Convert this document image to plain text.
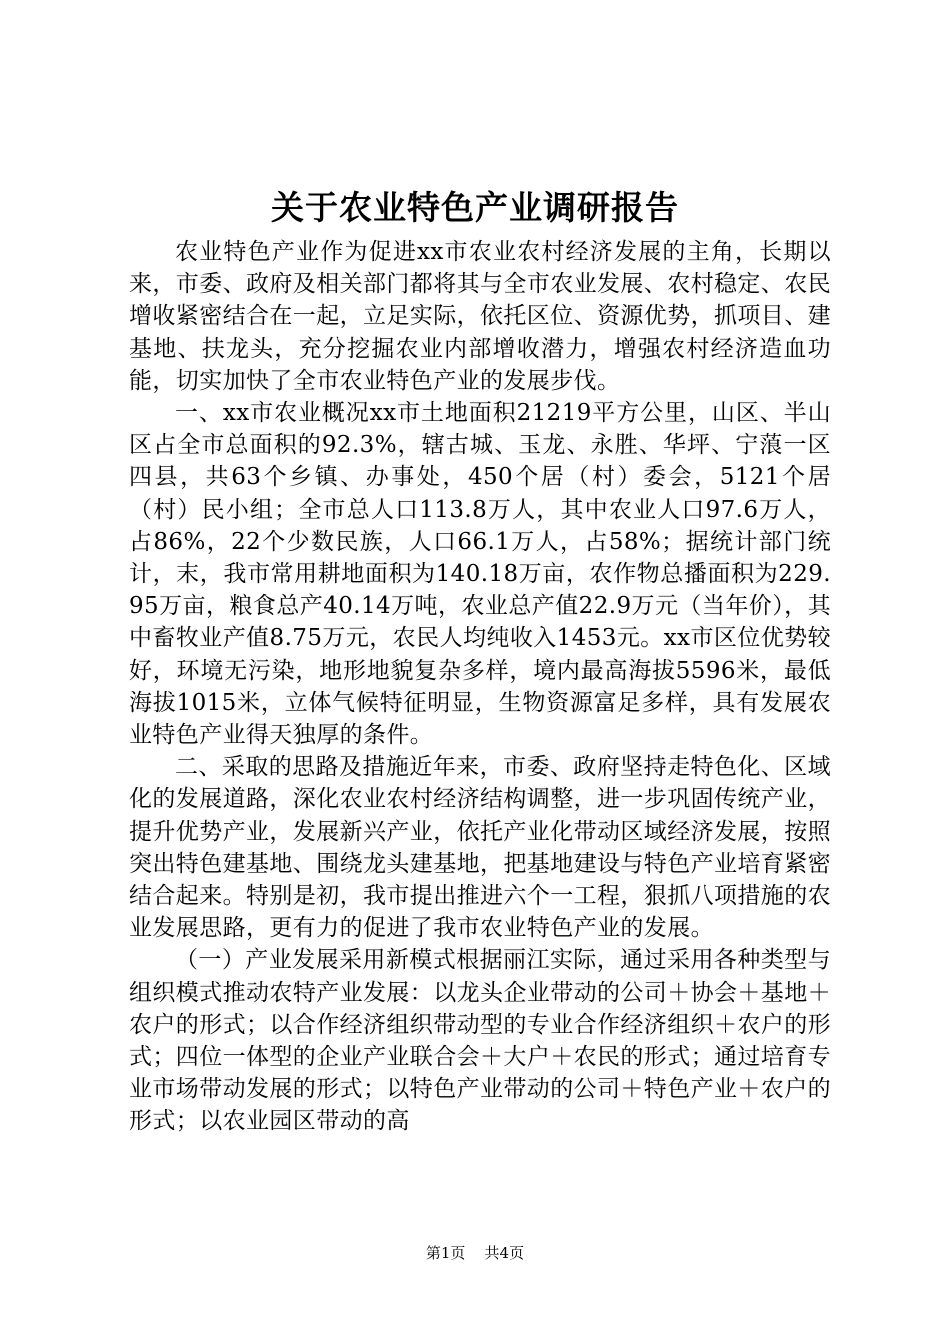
关于农业特色产业调研报告

农业特色产业作为促进xx市农业农村经济发展的主角，长期以来，市委、政府及相关部门都将其与全市农业发展、农村稳定、农民增收紧密结合在一起，立足实际，依托区位、资源优势，抓项目、建基地、扶龙头，充分挖掘农业内部增收潜力，增强农村经济造血功能，切实加快了全市农业特色产业的发展步伐。

一、xx市农业概况xx市土地面积21219平方公里，山区、半山区占全市总面积的92.3%，辖古城、玉龙、永胜、华坪、宁蒗一区四县，共63个乡镇、办事处，450个居（村）委会，5121个居（村）民小组；全市总人口113.8万人，其中农业人口97.6万人，占86%，22个少数民族，人口66.1万人，占58%；据统计部门统计，末，我市常用耕地面积为140.18万亩，农作物总播面积为229.95万亩，粮食总产40.14万吨，农业总产值22.9万元（当年价），其中畜牧业产值8.75万元，农民人均纯收入1453元。xx市区位优势较好，环境无污染，地形地貌复杂多样，境内最高海拔5596米，最低海拔1015米，立体气候特征明显，生物资源富足多样，具有发展农业特色产业得天独厚的条件。

二、采取的思路及措施近年来，市委、政府坚持走特色化、区域化的发展道路，深化农业农村经济结构调整，进一步巩固传统产业，提升优势产业，发展新兴产业，依托产业化带动区域经济发展，按照突出特色建基地、围绕龙头建基地，把基地建设与特色产业培育紧密结合起来。特别是初，我市提出推进六个一工程，狠抓八项措施的农业发展思路，更有力的促进了我市农业特色产业的发展。

（一）产业发展采用新模式根据丽江实际，通过采用各种类型与组织模式推动农特产业发展：以龙头企业带动的公司＋协会＋基地＋农户的形式；以合作经济组织带动型的专业合作经济组织＋农户的形式；四位一体型的企业产业联合会＋大户＋农民的形式；通过培育专业市场带动发展的形式；以特色产业带动的公司＋特色产业＋农户的形式；以农业园区带动的高

第1页 共4页
